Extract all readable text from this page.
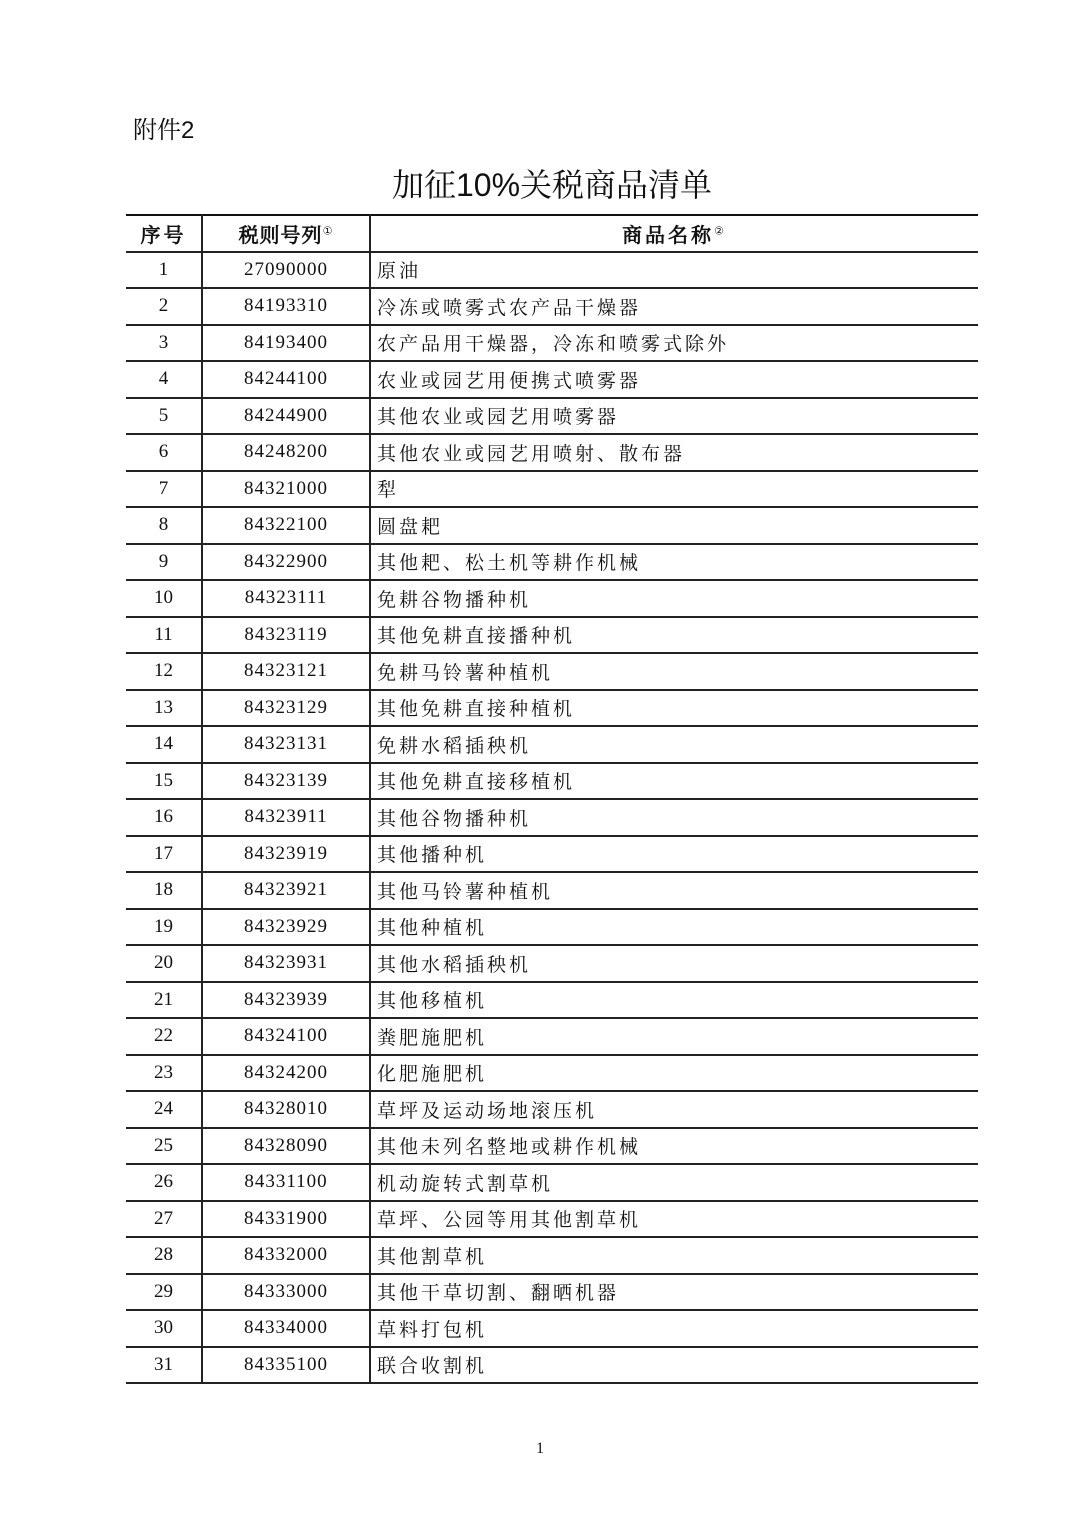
附件2
加征10%关税商品清单
序号	税则号列①	商品名称②
1	27090000	原油
2	84193310	冷冻或喷雾式农产品干燥器
3	84193400	农产品用干燥器，冷冻和喷雾式除外
4	84244100	农业或园艺用便携式喷雾器
5	84244900	其他农业或园艺用喷雾器
6	84248200	其他农业或园艺用喷射、散布器
7	84321000	犁
8	84322100	圆盘耙
9	84322900	其他耙、松土机等耕作机械
10	84323111	免耕谷物播种机
11	84323119	其他免耕直接播种机
12	84323121	免耕马铃薯种植机
13	84323129	其他免耕直接种植机
14	84323131	免耕水稻插秧机
15	84323139	其他免耕直接移植机
16	84323911	其他谷物播种机
17	84323919	其他播种机
18	84323921	其他马铃薯种植机
19	84323929	其他种植机
20	84323931	其他水稻插秧机
21	84323939	其他移植机
22	84324100	粪肥施肥机
23	84324200	化肥施肥机
24	84328010	草坪及运动场地滚压机
25	84328090	其他未列名整地或耕作机械
26	84331100	机动旋转式割草机
27	84331900	草坪、公园等用其他割草机
28	84332000	其他割草机
29	84333000	其他干草切割、翻晒机器
30	84334000	草料打包机
31	84335100	联合收割机
1
